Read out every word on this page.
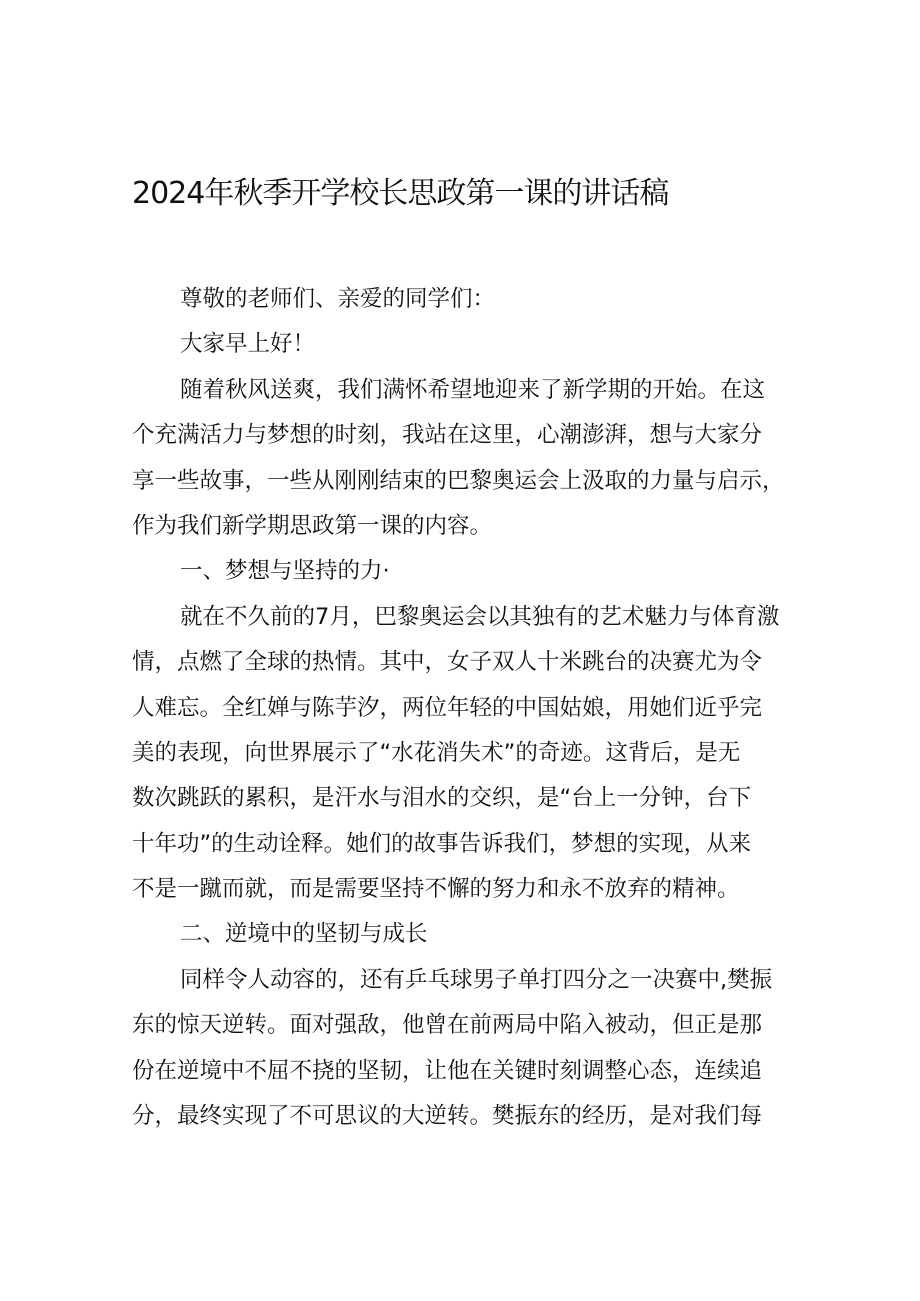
2024年秋季开学校长思政第一课的讲话稿
尊敬的老师们、亲爱的同学们：
大家早上好！
随着秋风送爽，我们满怀希望地迎来了新学期的开始。在这
个充满活力与梦想的时刻，我站在这里，心潮澎湃，想与大家分
享一些故事，一些从刚刚结束的巴黎奥运会上汲取的力量与启示，
作为我们新学期思政第一课的内容。
一、梦想与坚持的力·
就在不久前的7月，巴黎奥运会以其独有的艺术魅力与体育激
情，点燃了全球的热情。其中，女子双人十米跳台的决赛尤为令
人难忘。全红婵与陈芋汐，两位年轻的中国姑娘，用她们近乎完
美的表现，向世界展示了“水花消失术”的奇迹。这背后，是无
数次跳跃的累积，是汗水与泪水的交织，是“台上一分钟，台下
十年功”的生动诠释。她们的故事告诉我们，梦想的实现，从来
不是一蹴而就，而是需要坚持不懈的努力和永不放弃的精神。
二、逆境中的坚韧与成长
同样令人动容的，还有乒乓球男子单打四分之一决赛中,樊振
东的惊天逆转。面对强敌，他曾在前两局中陷入被动，但正是那
份在逆境中不屈不挠的坚韧，让他在关键时刻调整心态，连续追
分，最终实现了不可思议的大逆转。樊振东的经历，是对我们每
